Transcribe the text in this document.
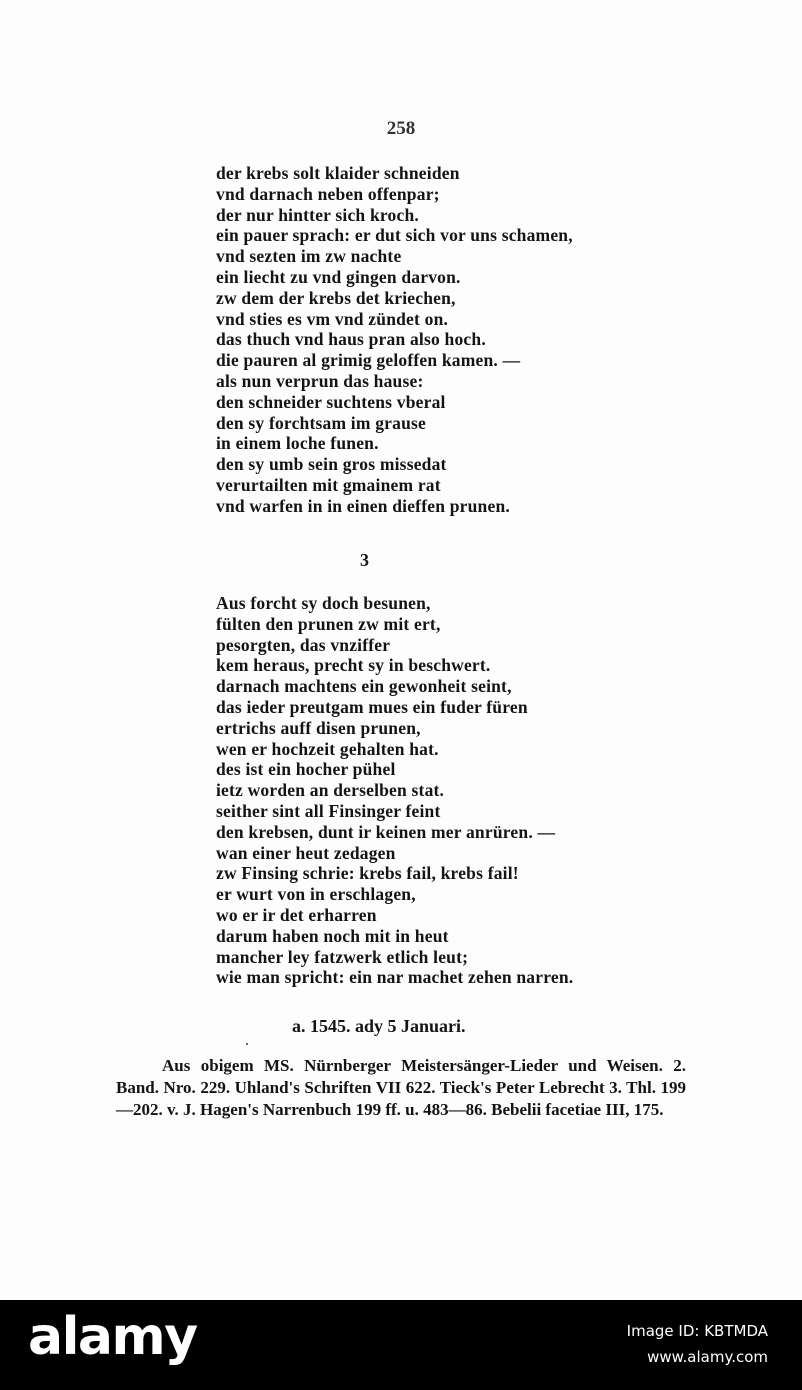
258
der krebs solt klaider schneiden
vnd darnach neben offenpar;
der nur hintter sich kroch.
ein pauer sprach: er dut sich vor uns schamen,
vnd sezten im zw nachte
ein liecht zu vnd gingen darvon.
zw dem der krebs det kriechen,
vnd sties es vm vnd zündet on.
das thuch vnd haus pran also hoch.
die pauren al grimig geloffen kamen. —
als nun verprun das hause:
den schneider suchtens vberal
den sy forchtsam im grause
in einem loche funen.
den sy umb sein gros missedat
verurtailten mit gmainem rat
vnd warfen in in einen dieffen prunen.
3
Aus forcht sy doch besunen,
fülten den prunen zw mit ert,
pesorgten, das vnziffer
kem heraus, precht sy in beschwert.
darnach machtens ein gewonheit seint,
das ieder preutgam mues ein fuder füren
ertrichs auff disen prunen,
wen er hochzeit gehalten hat.
des ist ein hocher pühel
ietz worden an derselben stat.
seither sint all Finsinger feint
den krebsen, dunt ir keinen mer anrüren. —
wan einer heut zedagen
zw Finsing schrie: krebs fail, krebs fail!
er wurt von in erschlagen,
wo er ir det erharren
darum haben noch mit in heut
mancher ley fatzwerk etlich leut;
wie man spricht: ein nar machet zehen narren.
a. 1545. ady 5 Januari.

Aus obigem MS. Nürnberger Meistersänger-Lieder und Weisen. 2. Band. Nro. 229. Uhland's Schriften VII 622. Tieck's Peter Lebrecht 3. Thl. 199—202. v. J. Hagen's Narrenbuch 199 ff. u. 483—86. Bebelii facetiae III, 175.

alamy	Image ID: KBTMDA
www.alamy.com
